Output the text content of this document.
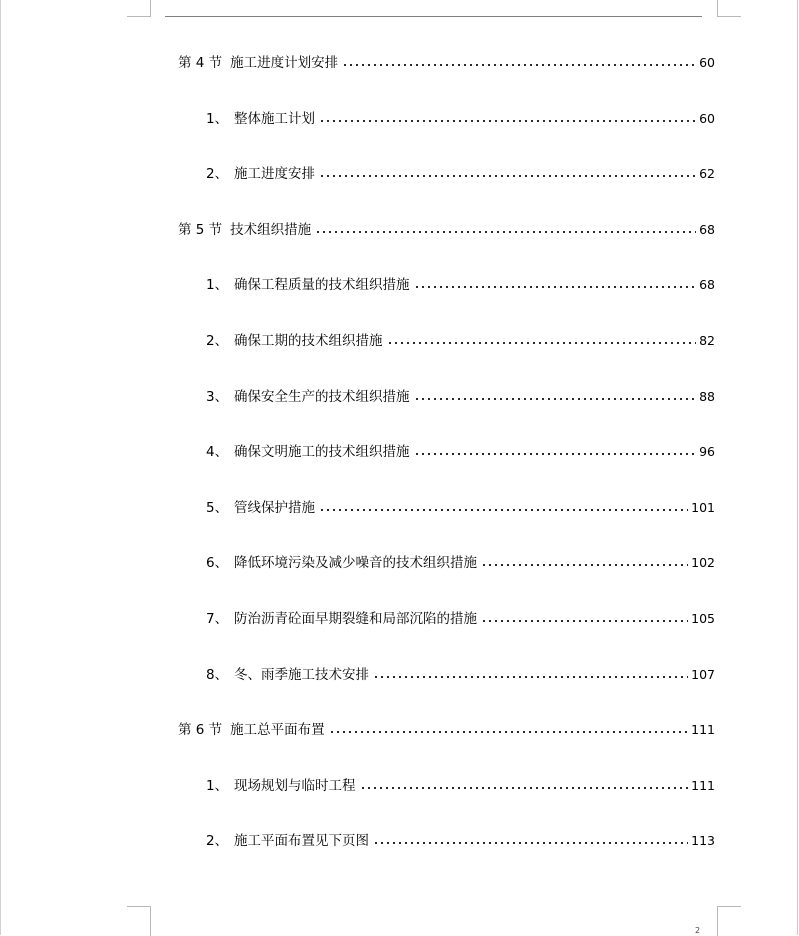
第 4 节 施工进度计划安排	60
1、 整体施工计划	60
2、 施工进度安排	62
第 5 节 技术组织措施	68
1、 确保工程质量的技术组织措施	68
2、 确保工期的技术组织措施	82
3、 确保安全生产的技术组织措施	88
4、 确保文明施工的技术组织措施	96
5、 管线保护措施	101
6、 降低环境污染及减少噪音的技术组织措施	102
7、 防治沥青砼面早期裂缝和局部沉陷的措施	105
8、 冬、雨季施工技术安排	107
第 6 节 施工总平面布置	111
1、 现场规划与临时工程	111
2、 施工平面布置见下页图	113
2
